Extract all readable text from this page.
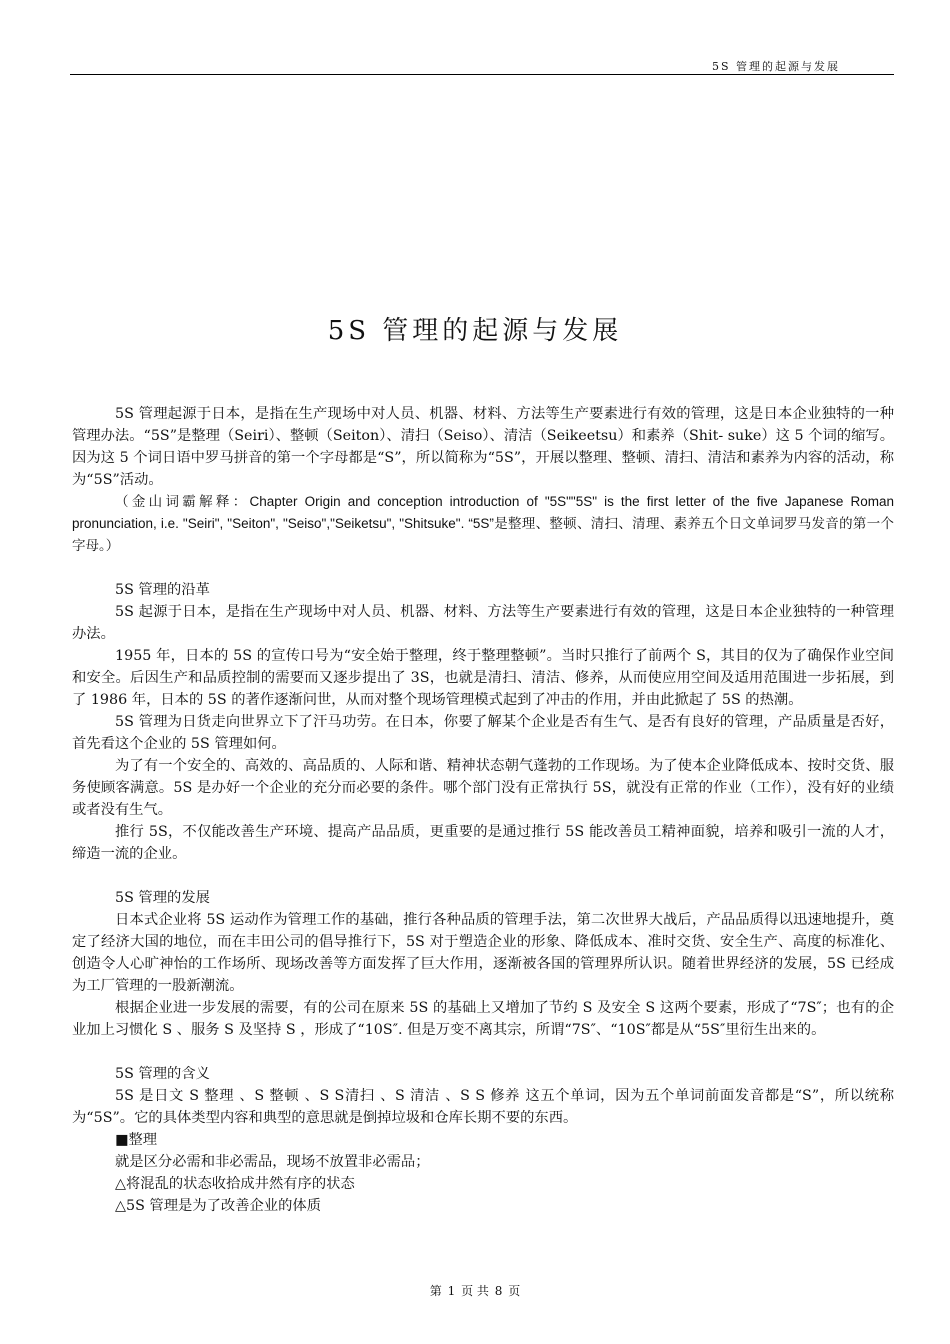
5S 管理的起源与发展
5S 管理的起源与发展

5S 管理起源于日本，是指在生产现场中对人员、机器、材料、方法等生产要素进行有效的管理，这是日本企业独特的一种管理办法。“5S”是整理（Seiri）、整顿（Seiton）、清扫（Seiso）、清洁（Seikeetsu）和素养（Shit- suke）这 5 个词的缩写。因为这 5 个词日语中罗马拼音的第一个字母都是“S”，所以简称为“5S”，开展以整理、整顿、清扫、清洁和素养为内容的活动，称为“5S”活动。

（金山词霸解释：Chapter Origin and conception introduction of "5S""5S" is the first letter of the five Japanese Roman pronunciation, i.e. "Seiri", "Seiton", "Seiso","Seiketsu", "Shitsuke". “5S”是整理、整顿、清扫、清理、素养五个日文单词罗马发音的第一个字母。）

5S 管理的沿革

5S 起源于日本，是指在生产现场中对人员、机器、材料、方法等生产要素进行有效的管理，这是日本企业独特的一种管理办法。

1955 年，日本的 5S 的宣传口号为“安全始于整理，终于整理整顿”。当时只推行了前两个 S，其目的仅为了确保作业空间和安全。后因生产和品质控制的需要而又逐步提出了 3S，也就是清扫、清洁、修养，从而使应用空间及适用范围进一步拓展，到了 1986 年，日本的 5S 的著作逐渐问世，从而对整个现场管理模式起到了冲击的作用，并由此掀起了 5S 的热潮。

5S 管理为日货走向世界立下了汗马功劳。在日本，你要了解某个企业是否有生气、是否有良好的管理，产品质量是否好，首先看这个企业的 5S 管理如何。

为了有一个安全的、高效的、高品质的、人际和谐、精神状态朝气蓬勃的工作现场。为了使本企业降低成本、按时交货、服务使顾客满意。5S 是办好一个企业的充分而必要的条件。哪个部门没有正常执行 5S，就没有正常的作业（工作），没有好的业绩或者没有生气。

推行 5S，不仅能改善生产环境、提高产品品质，更重要的是通过推行 5S 能改善员工精神面貌，培养和吸引一流的人才，缔造一流的企业。

5S 管理的发展

日本式企业将 5S 运动作为管理工作的基础，推行各种品质的管理手法，第二次世界大战后，产品品质得以迅速地提升，奠定了经济大国的地位，而在丰田公司的倡导推行下，5S 对于塑造企业的形象、降低成本、准时交货、安全生产、高度的标准化、创造令人心旷神怡的工作场所、现场改善等方面发挥了巨大作用，逐渐被各国的管理界所认识。随着世界经济的发展，5S 已经成为工厂管理的一股新潮流。

根据企业进一步发展的需要，有的公司在原来 5S 的基础上又增加了节约 S 及安全 S 这两个要素，形成了“7S″；也有的企业加上习惯化 S 、服务 S 及坚持 S ，形成了“10S″. 但是万变不离其宗，所谓“7S″、“10S″都是从“5S″里衍生出来的。

5S 管理的含义

5S 是日文 S 整理 、S 整顿 、S S清扫 、S 清洁 、S S 修养 这五个单词，因为五个单词前面发音都是“S”，所以统称为“5S”。它的具体类型内容和典型的意思就是倒掉垃圾和仓库长期不要的东西。

■整理

就是区分必需和非必需品，现场不放置非必需品；

△将混乱的状态收拾成井然有序的状态

△5S 管理是为了改善企业的体质

第 1 页 共 8 页
